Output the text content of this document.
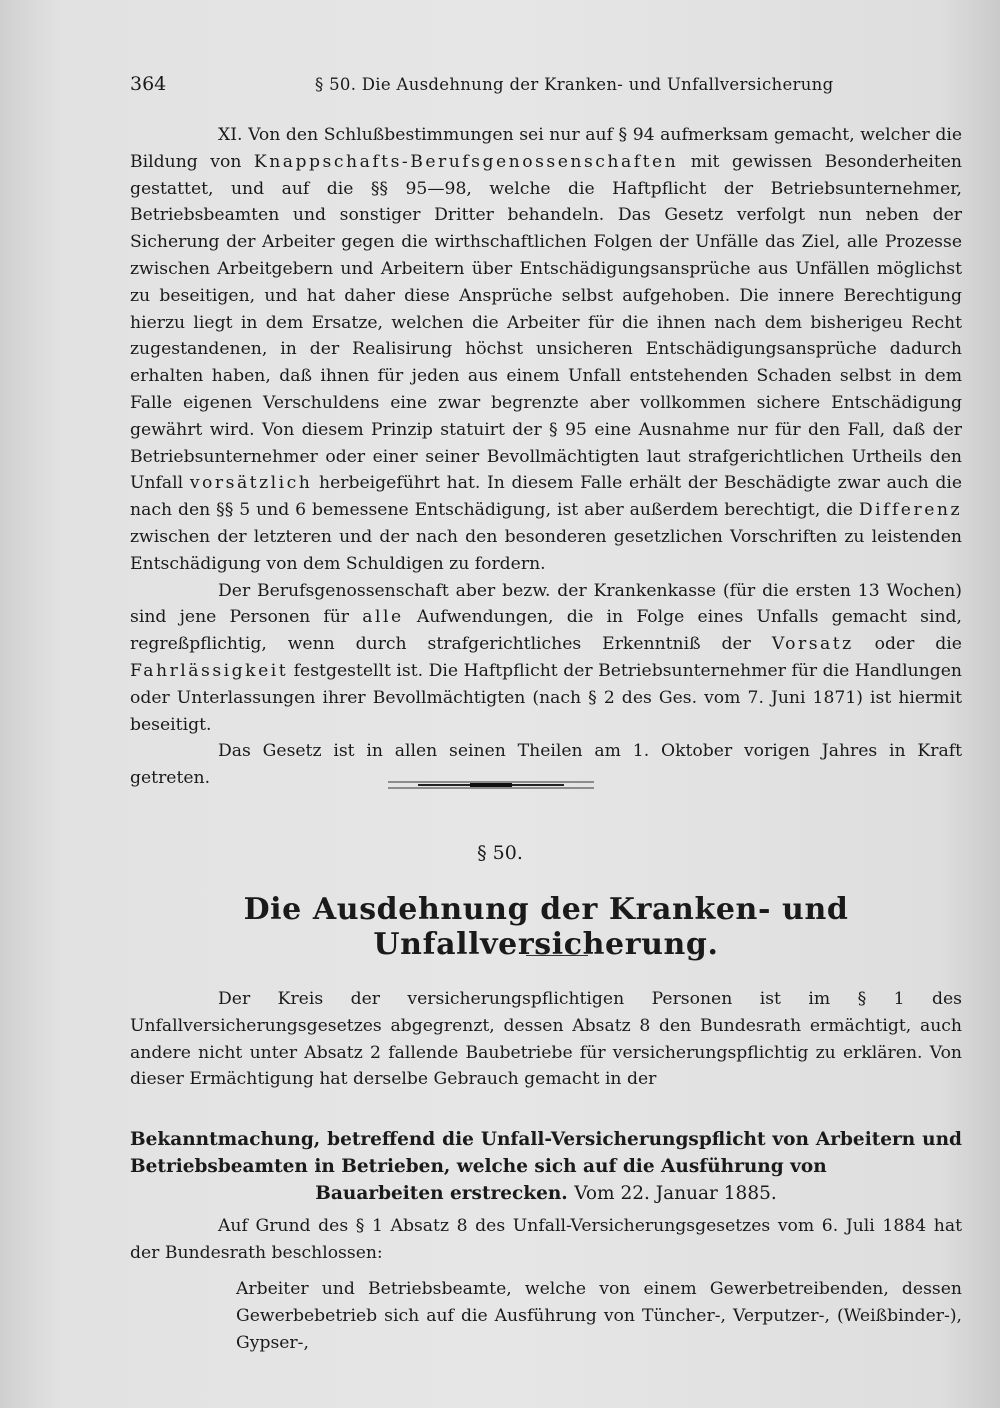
364	§ 50. Die Ausdehnung der Kranken- und Unfallversicherung

XI. Von den Schlußbestimmungen sei nur auf § 94 aufmerksam gemacht, welcher die Bildung von Knappschafts-Berufsgenossenschaften mit gewissen Besonderheiten gestattet, und auf die §§ 95—98, welche die Haftpflicht der Betriebsunternehmer, Betriebsbeamten und sonstiger Dritter behandeln. Das Gesetz verfolgt nun neben der Sicherung der Arbeiter gegen die wirthschaftlichen Folgen der Unfälle das Ziel, alle Prozesse zwischen Arbeitgebern und Arbeitern über Entschädigungsansprüche aus Unfällen möglichst zu beseitigen, und hat daher diese Ansprüche selbst aufgehoben. Die innere Berechtigung hierzu liegt in dem Ersatze, welchen die Arbeiter für die ihnen nach dem bisherigeu Recht zugestandenen, in der Realisirung höchst unsicheren Entschädigungsansprüche dadurch erhalten haben, daß ihnen für jeden aus einem Unfall entstehenden Schaden selbst in dem Falle eigenen Verschuldens eine zwar begrenzte aber vollkommen sichere Entschädigung gewährt wird. Von diesem Prinzip statuirt der § 95 eine Ausnahme nur für den Fall, daß der Betriebsunternehmer oder einer seiner Bevollmächtigten laut strafgerichtlichen Urtheils den Unfall vorsätzlich herbeigeführt hat. In diesem Falle erhält der Beschädigte zwar auch die nach den §§ 5 und 6 bemessene Entschädigung, ist aber außerdem berechtigt, die Differenz zwischen der letzteren und der nach den besonderen gesetzlichen Vorschriften zu leistenden Entschädigung von dem Schuldigen zu fordern.

Der Berufsgenossenschaft aber bezw. der Krankenkasse (für die ersten 13 Wochen) sind jene Personen für alle Aufwendungen, die in Folge eines Unfalls gemacht sind, regreßpflichtig, wenn durch strafgerichtliches Erkenntniß der Vorsatz oder die Fahrlässigkeit festgestellt ist. Die Haftpflicht der Betriebsunternehmer für die Handlungen oder Unterlassungen ihrer Bevollmächtigten (nach § 2 des Ges. vom 7. Juni 1871) ist hiermit beseitigt.

Das Gesetz ist in allen seinen Theilen am 1. Oktober vorigen Jahres in Kraft getreten.

§ 50.
Die Ausdehnung der Kranken- und Unfallversicherung.

Der Kreis der versicherungspflichtigen Personen ist im § 1 des Unfallversicherungsgesetzes abgegrenzt, dessen Absatz 8 den Bundesrath ermächtigt, auch andere nicht unter Absatz 2 fallende Baubetriebe für versicherungspflichtig zu erklären. Von dieser Ermächtigung hat derselbe Gebrauch gemacht in der

Bekanntmachung, betreffend die Unfall-Versicherungspflicht von Arbeitern und Betriebsbeamten in Betrieben, welche sich auf die Ausführung von
Bauarbeiten erstrecken. Vom 22. Januar 1885.

Auf Grund des § 1 Absatz 8 des Unfall-Versicherungsgesetzes vom 6. Juli 1884 hat der Bundesrath beschlossen:

Arbeiter und Betriebsbeamte, welche von einem Gewerbetreibenden, dessen Gewerbebetrieb sich auf die Ausführung von Tüncher-, Verputzer-, (Weißbinder-), Gypser-,
